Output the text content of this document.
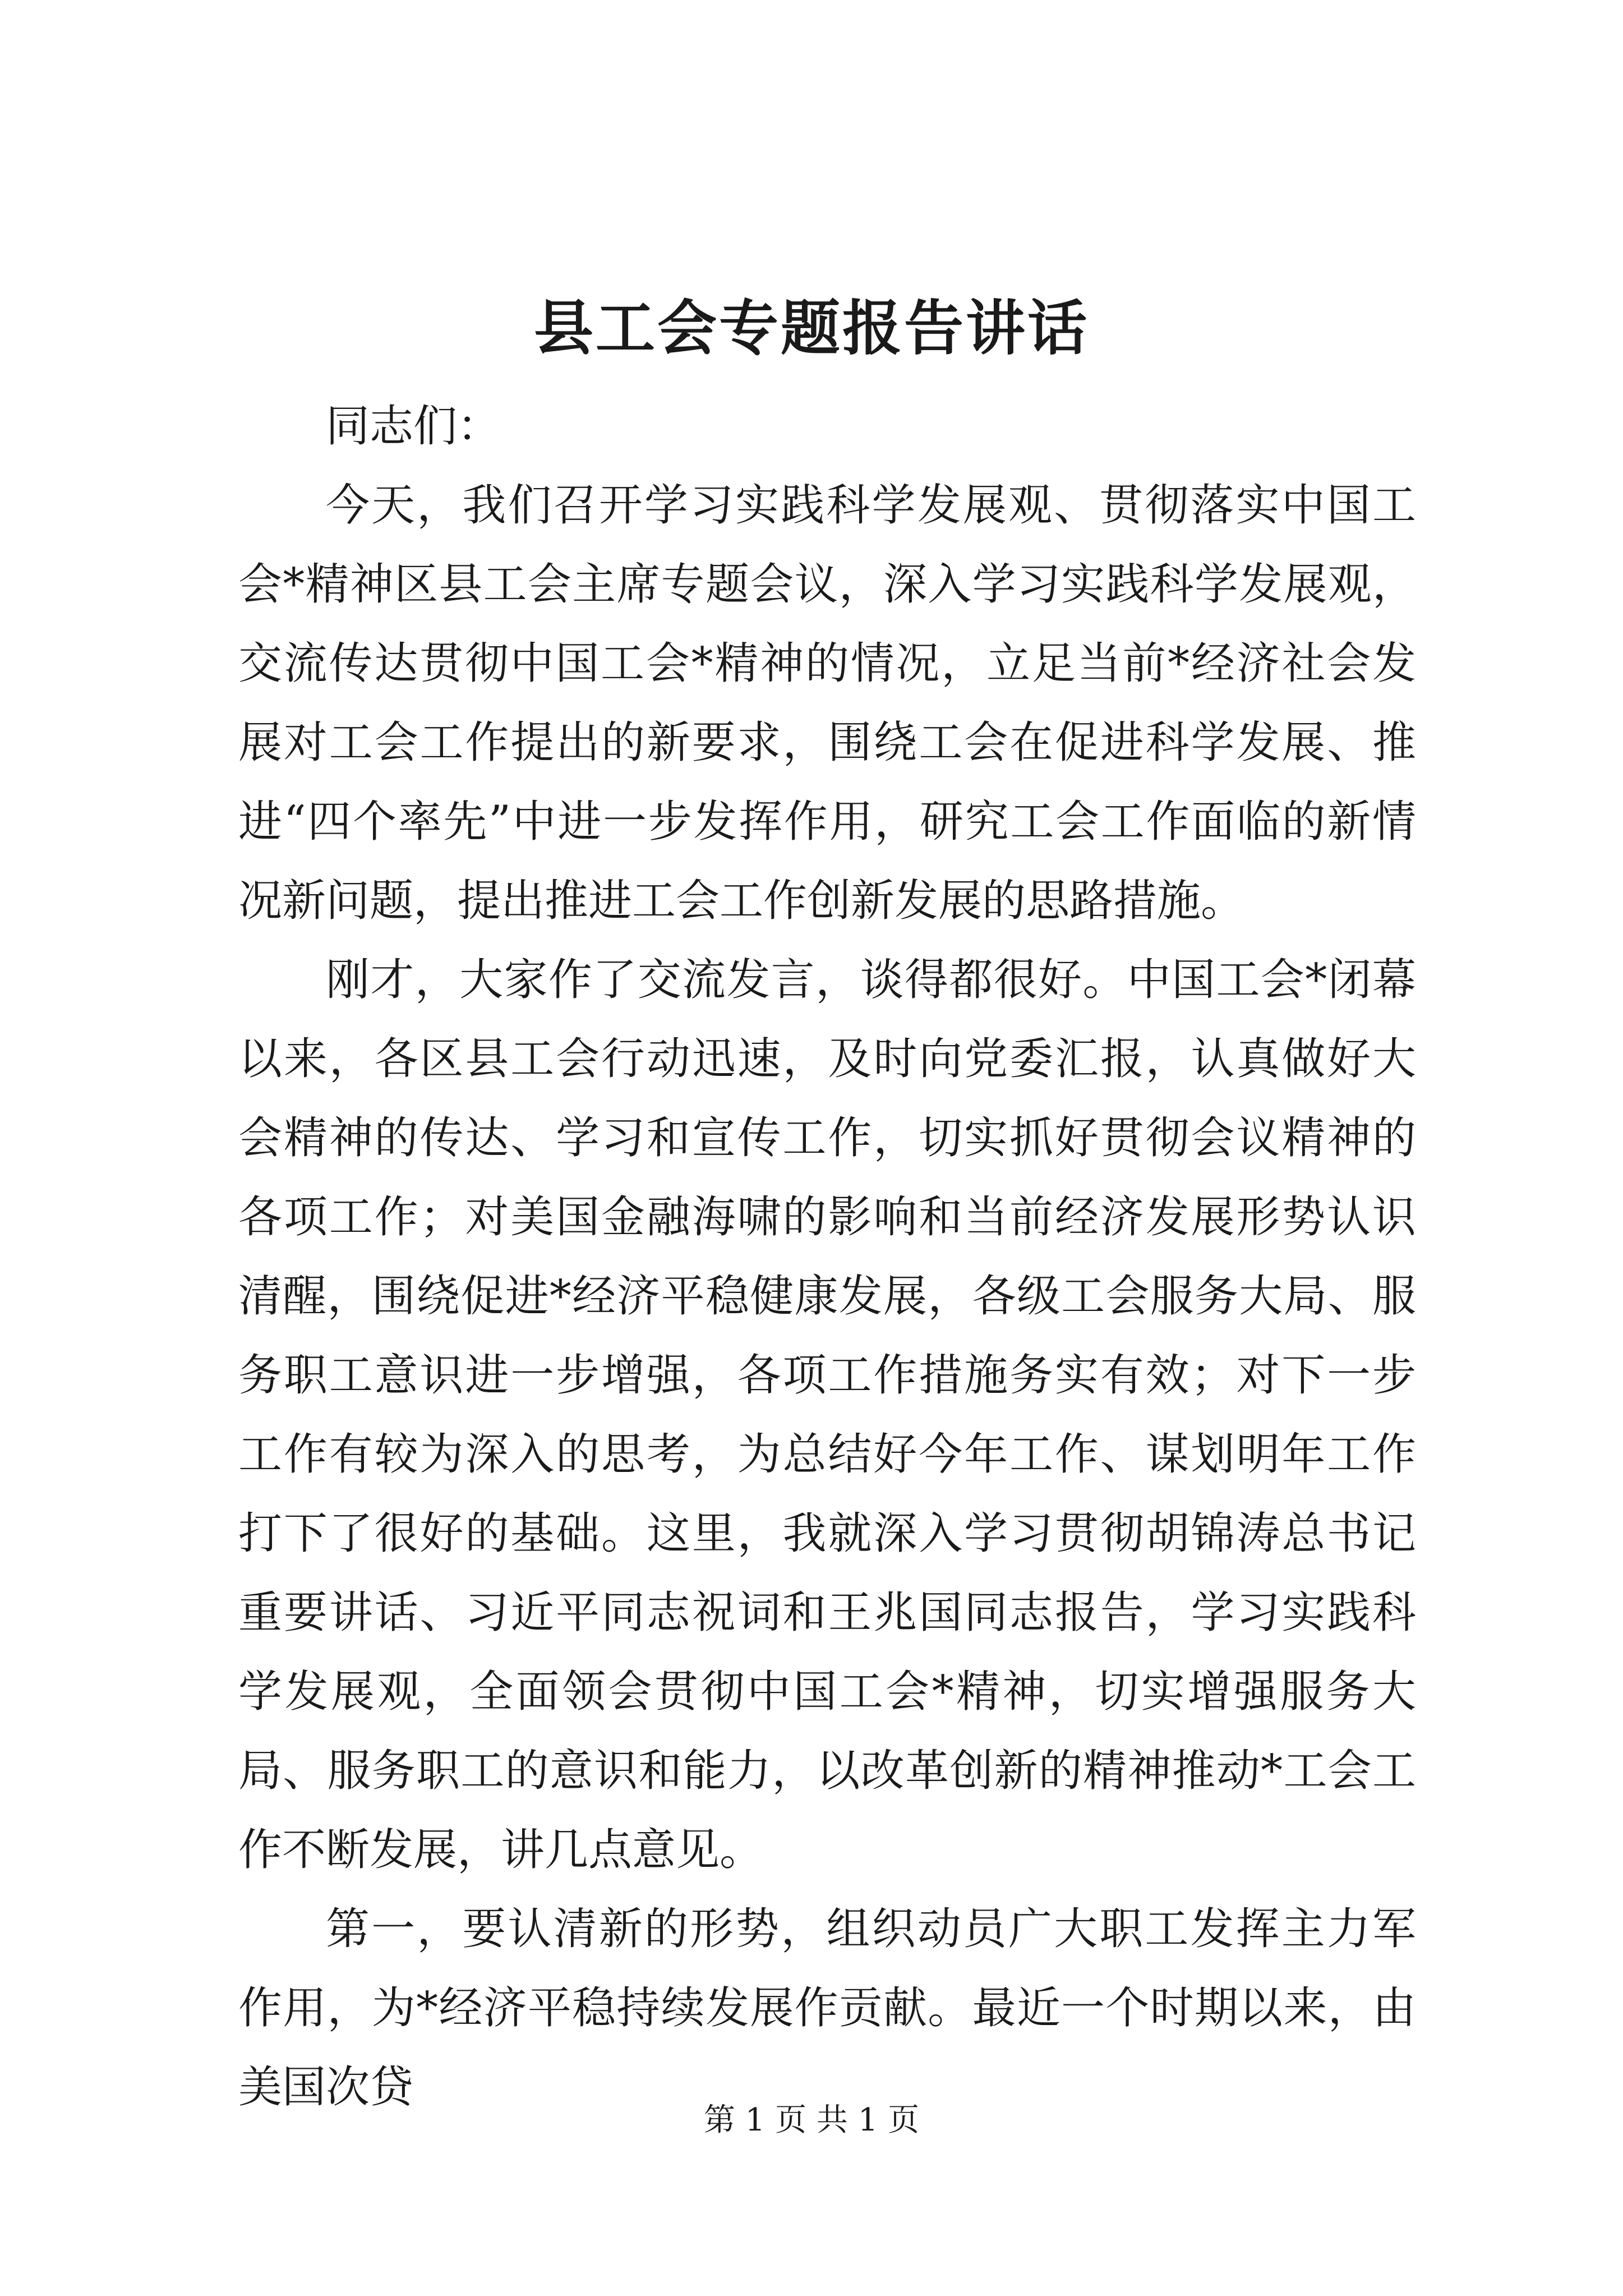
县工会专题报告讲话

同志们：

今天，我们召开学习实践科学发展观、贯彻落实中国工会*精神区县工会主席专题会议，深入学习实践科学发展观，交流传达贯彻中国工会*精神的情况，立足当前*经济社会发展对工会工作提出的新要求，围绕工会在促进科学发展、推进“四个率先”中进一步发挥作用，研究工会工作面临的新情况新问题，提出推进工会工作创新发展的思路措施。

刚才，大家作了交流发言，谈得都很好。中国工会*闭幕以来，各区县工会行动迅速，及时向党委汇报，认真做好大会精神的传达、学习和宣传工作，切实抓好贯彻会议精神的各项工作；对美国金融海啸的影响和当前经济发展形势认识清醒，围绕促进*经济平稳健康发展，各级工会服务大局、服务职工意识进一步增强，各项工作措施务实有效；对下一步工作有较为深入的思考，为总结好今年工作、谋划明年工作打下了很好的基础。这里，我就深入学习贯彻胡锦涛总书记重要讲话、习近平同志祝词和王兆国同志报告，学习实践科学发展观，全面领会贯彻中国工会*精神，切实增强服务大局、服务职工的意识和能力，以改革创新的精神推动*工会工作不断发展，讲几点意见。

第一，要认清新的形势，组织动员广大职工发挥主力军作用，为*经济平稳持续发展作贡献。最近一个时期以来，由美国次贷

第 1 页 共 1 页
